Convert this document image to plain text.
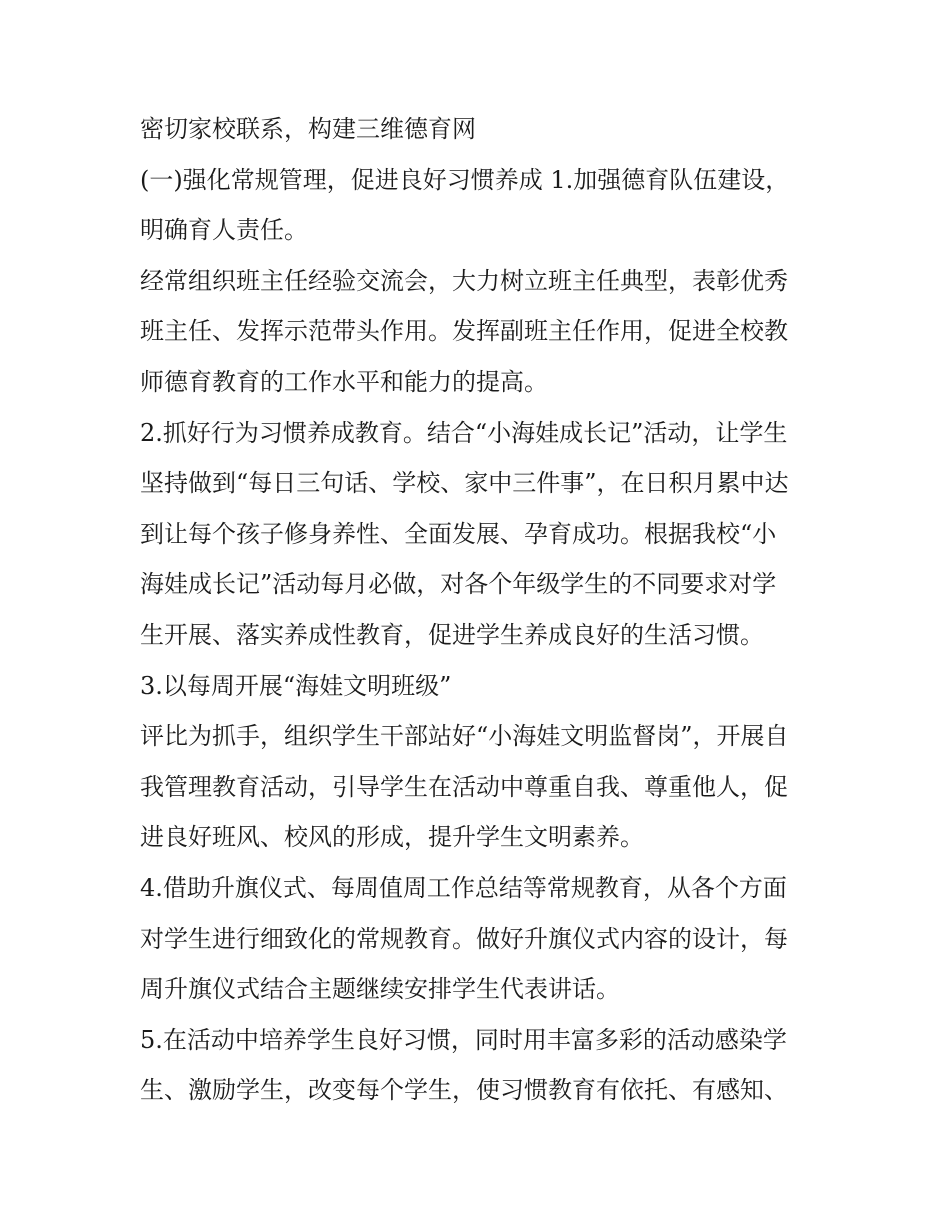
密切家校联系，构建三维德育网

(一)强化常规管理，促进良好习惯养成 1.加强德育队伍建设，

明确育人责任。

经常组织班主任经验交流会，大力树立班主任典型，表彰优秀

班主任、发挥示范带头作用。发挥副班主任作用，促进全校教

师德育教育的工作水平和能力的提高。

2.抓好行为习惯养成教育。结合“小海娃成长记”活动，让学生

坚持做到“每日三句话、学校、家中三件事”，在日积月累中达

到让每个孩子修身养性、全面发展、孕育成功。根据我校“小

海娃成长记”活动每月必做，对各个年级学生的不同要求对学

生开展、落实养成性教育，促进学生养成良好的生活习惯。

3.以每周开展“海娃文明班级”

评比为抓手，组织学生干部站好“小海娃文明监督岗”，开展自

我管理教育活动，引导学生在活动中尊重自我、尊重他人，促

进良好班风、校风的形成，提升学生文明素养。

4.借助升旗仪式、每周值周工作总结等常规教育，从各个方面

对学生进行细致化的常规教育。做好升旗仪式内容的设计，每

周升旗仪式结合主题继续安排学生代表讲话。

5.在活动中培养学生良好习惯，同时用丰富多彩的活动感染学

生、激励学生，改变每个学生，使习惯教育有依托、有感知、
